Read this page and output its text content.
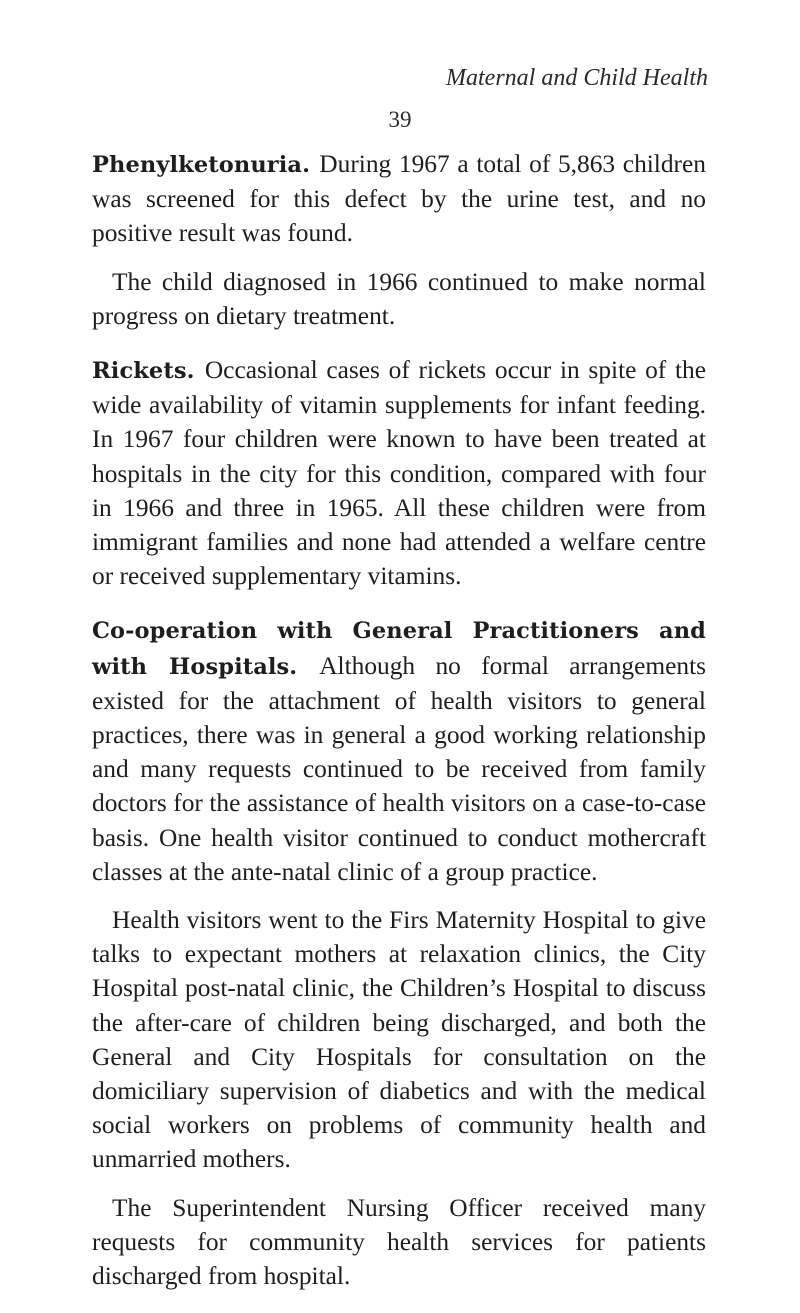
Maternal and Child Health
39

Phenylketonuria. During 1967 a total of 5,863 children was screened for this defect by the urine test, and no positive result was found.

The child diagnosed in 1966 continued to make normal progress on dietary treatment.

Rickets. Occasional cases of rickets occur in spite of the wide availability of vitamin supplements for infant feeding. In 1967 four children were known to have been treated at hospitals in the city for this condition, compared with four in 1966 and three in 1965. All these children were from immigrant families and none had attended a welfare centre or received supplementary vitamins.

Co-operation with General Practitioners and with Hospitals. Although no formal arrangements existed for the attachment of health visitors to general practices, there was in general a good working relationship and many requests continued to be received from family doctors for the assistance of health visitors on a case-to-case basis. One health visitor continued to conduct mothercraft classes at the ante-natal clinic of a group practice.

Health visitors went to the Firs Maternity Hospital to give talks to expectant mothers at relaxation clinics, the City Hospital post-natal clinic, the Children’s Hospital to discuss the after-care of children being discharged, and both the General and City Hospitals for consultation on the domiciliary supervision of diabetics and with the medical social workers on problems of community health and unmarried mothers.

The Superintendent Nursing Officer received many requests for community health services for patients discharged from hospital.
